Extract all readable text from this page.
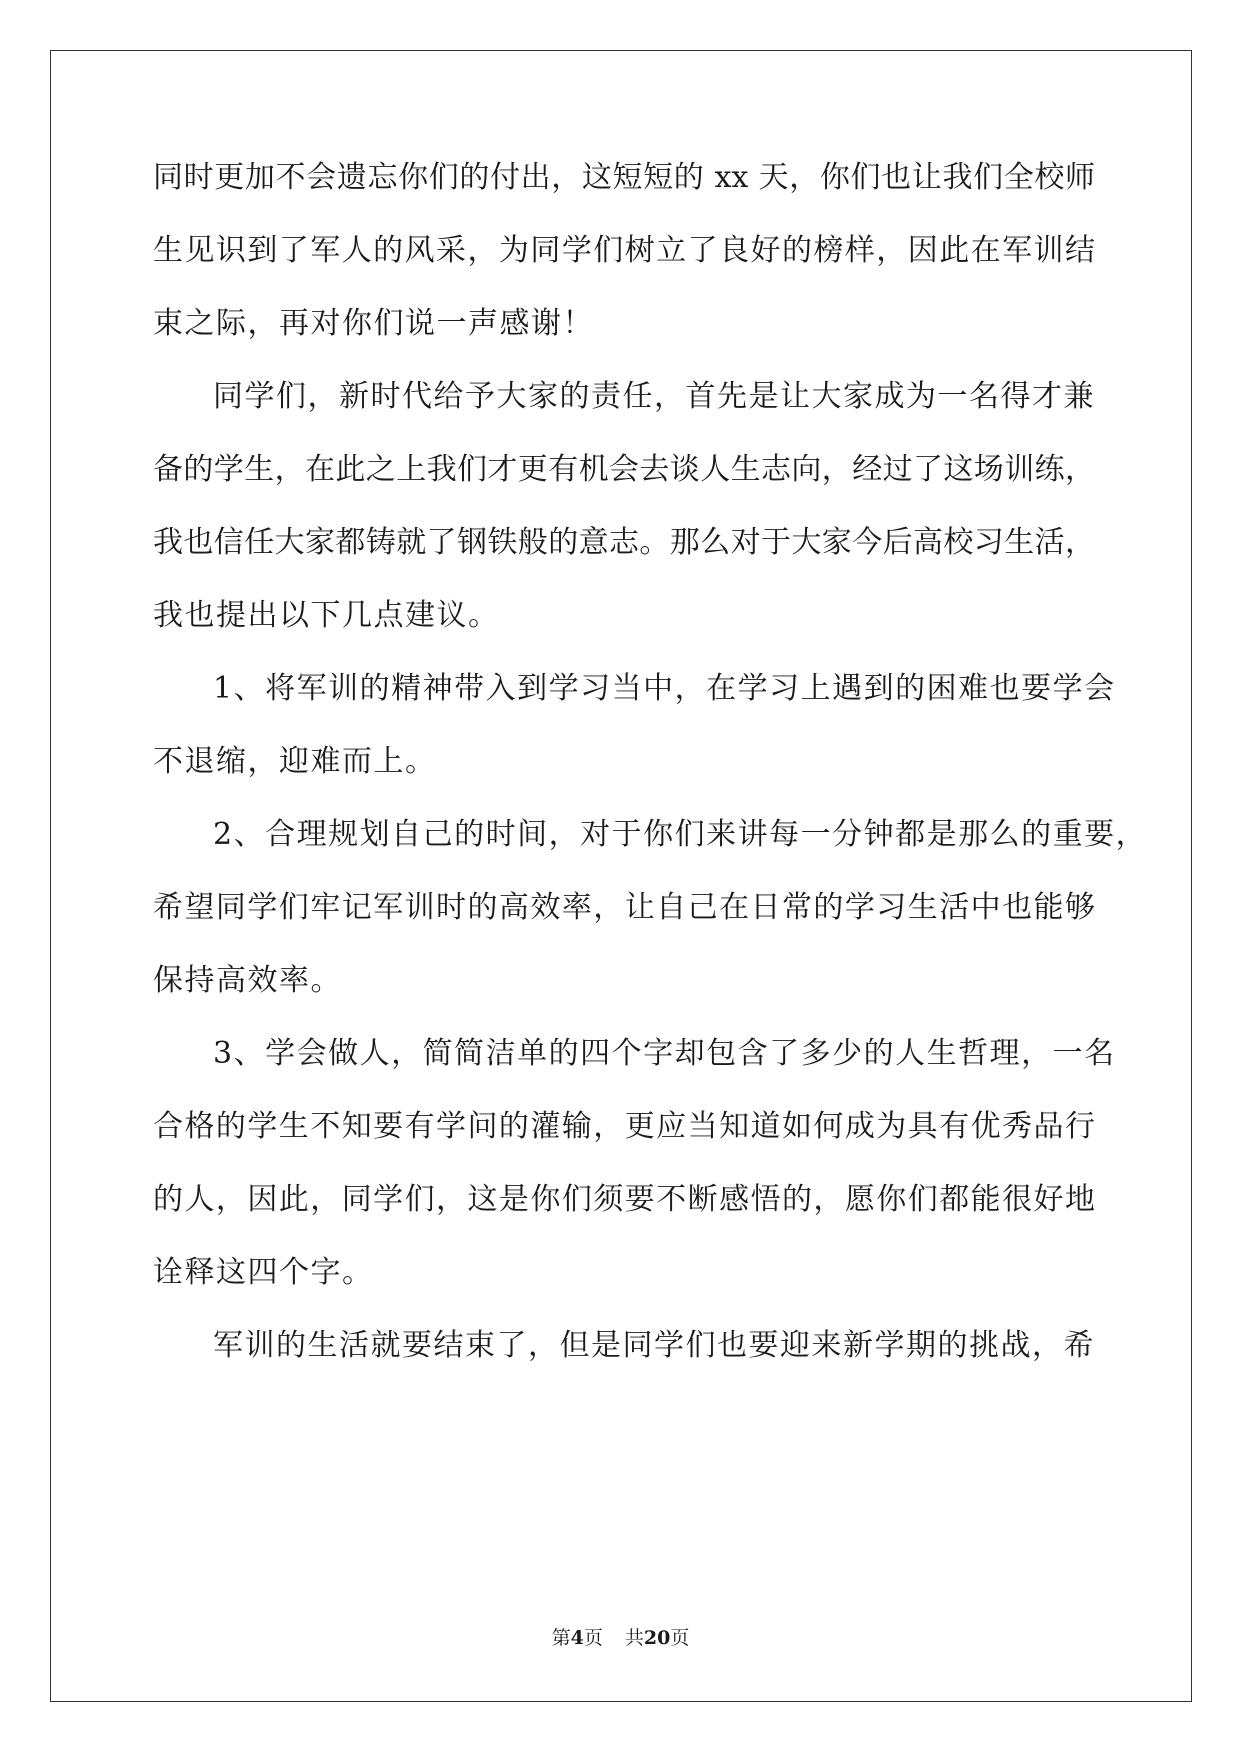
同时更加不会遗忘你们的付出，这短短的 xx 天，你们也让我们全校师
生见识到了军人的风采，为同学们树立了良好的榜样，因此在军训结
束之际，再对你们说一声感谢！
同学们，新时代给予大家的责任，首先是让大家成为一名得才兼
备的学生，在此之上我们才更有机会去谈人生志向，经过了这场训练，
我也信任大家都铸就了钢铁般的意志。那么对于大家今后高校习生活，
我也提出以下几点建议。
1、将军训的精神带入到学习当中，在学习上遇到的困难也要学会
不退缩，迎难而上。
2、合理规划自己的时间，对于你们来讲每一分钟都是那么的重要，
希望同学们牢记军训时的高效率，让自己在日常的学习生活中也能够
保持高效率。
3、学会做人，简简洁单的四个字却包含了多少的人生哲理，一名
合格的学生不知要有学问的灌输，更应当知道如何成为具有优秀品行
的人，因此，同学们，这是你们须要不断感悟的，愿你们都能很好地
诠释这四个字。
军训的生活就要结束了，但是同学们也要迎来新学期的挑战，希
第4页 共20页
